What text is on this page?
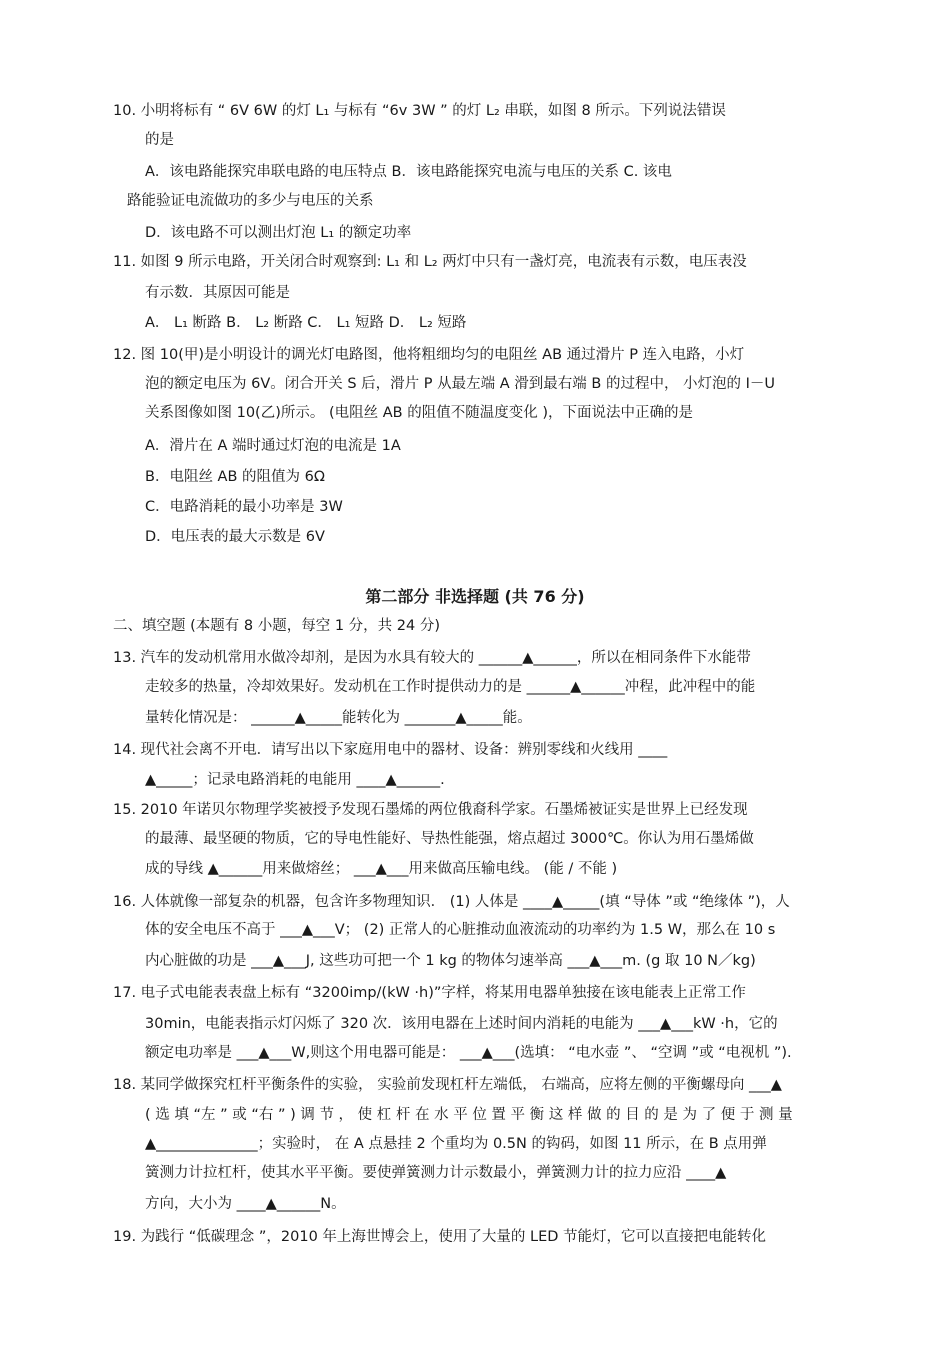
10. 小明将标有 “ 6V 6W 的灯 L₁ 与标有 “6v 3W ” 的灯 L₂ 串联，如图 8 所示。下列说法错误
的是
A．该电路能探究串联电路的电压特点 B．该电路能探究电流与电压的关系 C. 该电
路能验证电流做功的多少与电压的关系
D．该电路不可以测出灯泡 L₁ 的额定功率
11. 如图 9 所示电路，开关闭合时观察到: L₁ 和 L₂ 两灯中只有一盏灯亮，电流表有示数，电压表没
有示数．其原因可能是
A． L₁ 断路 B． L₂ 断路 C． L₁ 短路 D． L₂ 短路
12. 图 10(甲)是小明设计的调光灯电路图，他将粗细均匀的电阻丝 AB 通过滑片 P 连入电路，小灯
泡的额定电压为 6V。闭合开关 S 后，滑片 P 从最左端 A 滑到最右端 B 的过程中， 小灯泡的 I－U
关系图像如图 10(乙)所示。 (电阻丝 AB 的阻值不随温度变化 )，下面说法中正确的是
A．滑片在 A 端时通过灯泡的电流是 1A
B．电阻丝 AB 的阻值为 6Ω
C．电路消耗的最小功率是 3W
D．电压表的最大示数是 6V
第二部分 非选择题 (共 76 分)
二、填空题 (本题有 8 小题，每空 1 分，共 24 分)
13. 汽车的发动机常用水做冷却剂，是因为水具有较大的 ______▲______，所以在相同条件下水能带
走较多的热量，冷却效果好。发动机在工作时提供动力的是 ______▲______冲程，此冲程中的能
量转化情况是： ______▲_____能转化为 _______▲_____能。
14. 现代社会离不开电．请写出以下家庭用电中的器材、设备：辨别零线和火线用 ____
▲_____；记录电路消耗的电能用 ____▲______.
15. 2010 年诺贝尔物理学奖被授予发现石墨烯的两位俄裔科学家。石墨烯被证实是世界上已经发现
的最薄、最坚硬的物质，它的导电性能好、导热性能强，熔点超过 3000℃。你认为用石墨烯做
成的导线 ▲______用来做熔丝； ___▲___用来做高压输电线。 (能 / 不能 )
16. 人体就像一部复杂的机器，包含许多物理知识． (1) 人体是 ____▲_____(填 “导体 ”或 “绝缘体 ”)，人
体的安全电压不高于 ___▲___V； (2) 正常人的心脏推动血液流动的功率约为 1.5 W，那么在 10 s
内心脏做的功是 ___▲___J, 这些功可把一个 1 kg 的物体匀速举高 ___▲___m. (g 取 10 N／kg)
17. 电子式电能表表盘上标有 “3200imp/(kW ·h)”字样，将某用电器单独接在该电能表上正常工作
30min，电能表指示灯闪烁了 320 次．该用电器在上述时间内消耗的电能为 ___▲___kW ·h，它的
额定电功率是 ___▲___W,则这个用电器可能是： ___▲___(选填： “电水壶 ”、 “空调 ”或 “电视机 ”).
18. 某同学做探究杠杆平衡条件的实验， 实验前发现杠杆左端低， 右端高，应将左侧的平衡螺母向 ___▲
( 选 填 “左 ” 或 “右 ” ) 调 节 ， 使 杠 杆 在 水 平 位 置 平 衡 这 样 做 的 目 的 是 为 了 便 于 测 量
▲______________；实验时， 在 A 点悬挂 2 个重均为 0.5N 的钩码，如图 11 所示，在 B 点用弹
簧测力计拉杠杆，使其水平平衡。要使弹簧测力计示数最小，弹簧测力计的拉力应沿 ____▲
方向，大小为 ____▲______N。
19. 为践行 “低碳理念 ”，2010 年上海世博会上，使用了大量的 LED 节能灯，它可以直接把电能转化
